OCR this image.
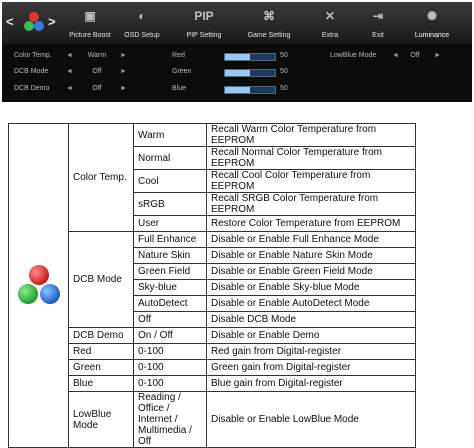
<	>	▣
Picture Boost
◐
OSD Setup
PIP
PIP Setting
⌘
Game Setting
✕
Extra
⇥
Exit
✺
Luminance
Color Temp. ◄	Warm	►
DCB Mode	◄	Off	►
DCB Demo ◄	Off	►
Red	50
Green	50
Blue	50
LowBlue Mode ◄	Off	►
	Color Temp.	Warm	Recall Warm Color Temperature from EEPROM
		Normal	Recall Normal Color Temperature from EEPROM
		Cool	Recall Cool Color Temperature from EEPROM
		sRGB	Recall SRGB Color Temperature from EEPROM
		User	Restore Color Temperature from EEPROM
	DCB Mode	Full Enhance	Disable or Enable Full Enhance Mode
		Nature Skin	Disable or Enable Nature Skin Mode
		Green Field	Disable or Enable Green Field Mode
		Sky-blue	Disable or Enable Sky-blue Mode
		AutoDetect	Disable or Enable AutoDetect Mode
		Off	Disable DCB Mode
	DCB Demo	On / Off	Disable or Enable Demo
	Red	0-100	Red gain from Digital-register
	Green	0-100	Green gain from Digital-register
	Blue	0-100	Blue gain from Digital-register
	LowBlue Mode	Reading / Office / Internet / Multimedia / Off	Disable or Enable LowBlue Mode
